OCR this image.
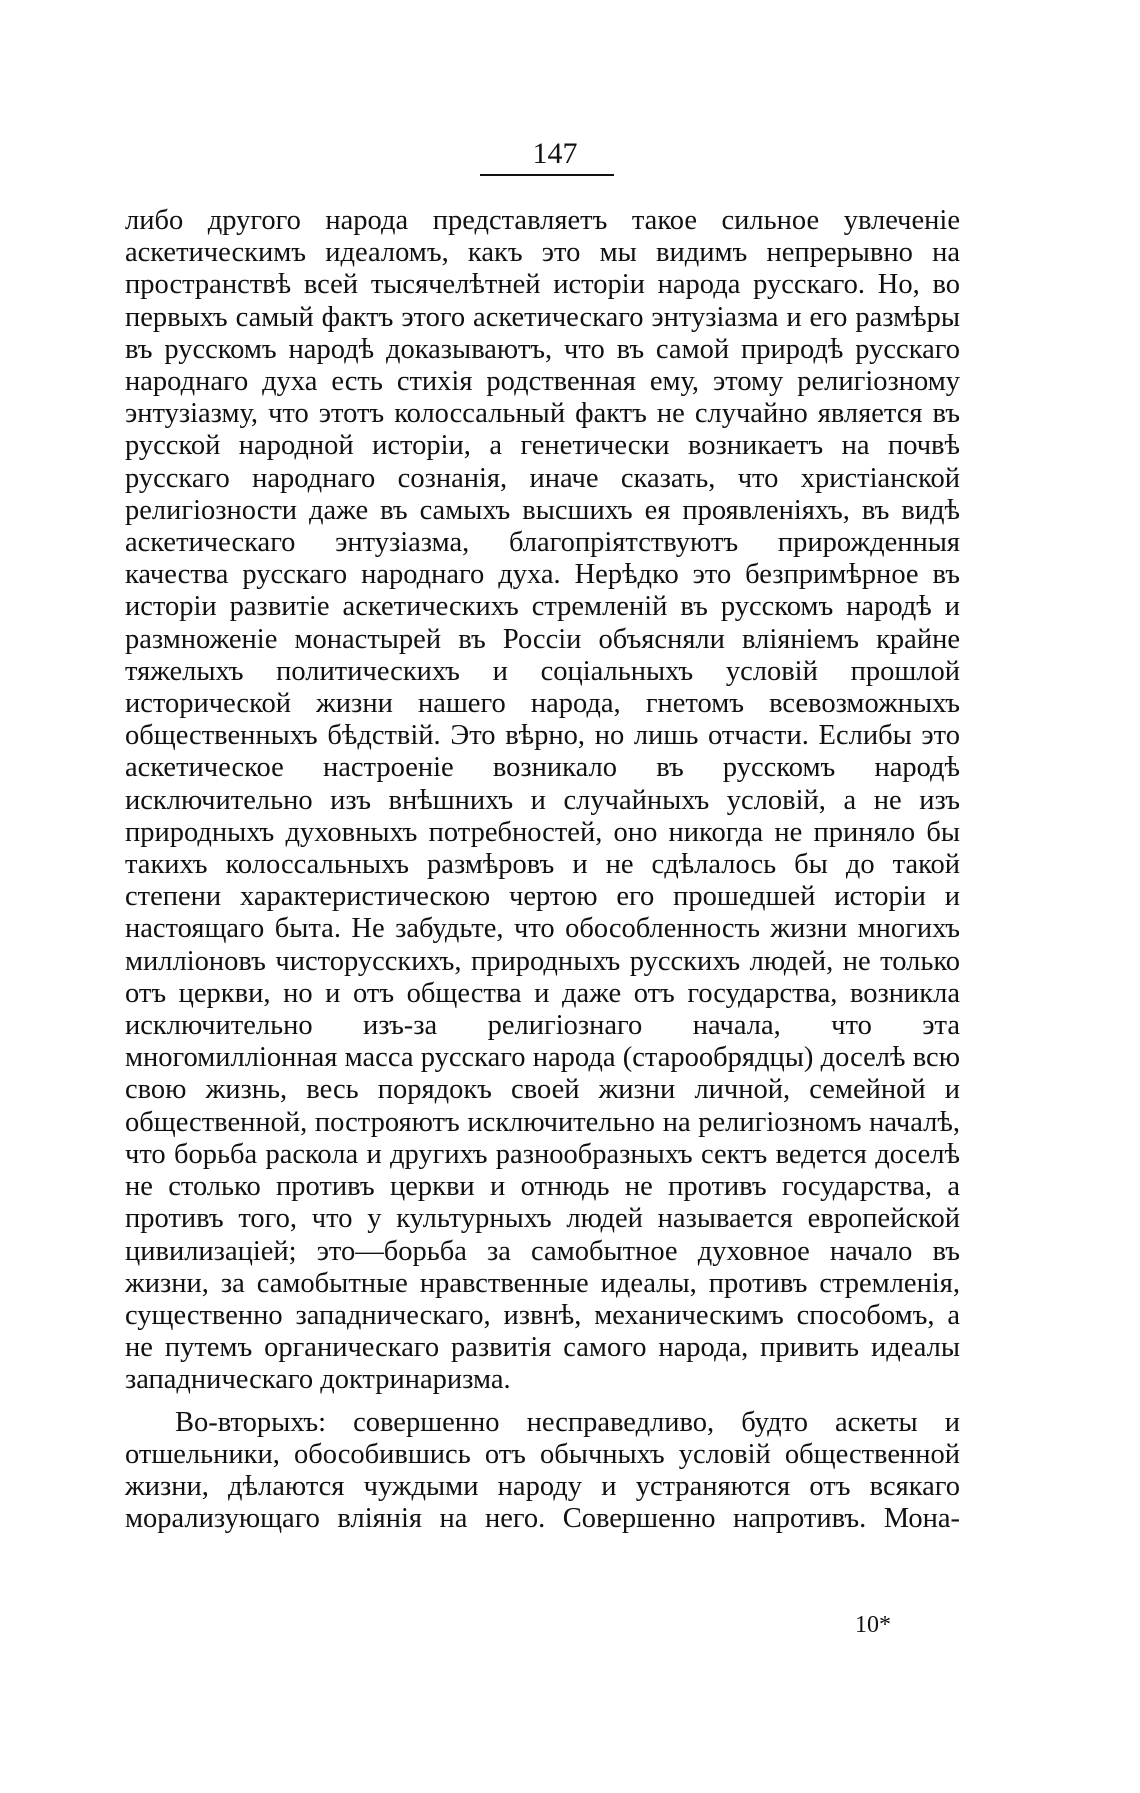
147

либо другого народа представляетъ такое сильное увлеченіе аскетическимъ идеаломъ, какъ это мы видимъ непрерывно на пространствѣ всей тысячелѣтней исторіи народа русскаго. Но, во первыхъ самый фактъ этого аскетическаго энтузіазма и его размѣры въ русскомъ народѣ доказываютъ, что въ самой природѣ русскаго народнаго духа есть стихія родственная ему, этому религіозному энтузіазму, что этотъ колоссальный фактъ не случайно является въ русской народной исторіи, а генетически возникаетъ на почвѣ русскаго народнаго сознанія, иначе сказать, что христіанской религіозности даже въ самыхъ высшихъ ея проявленіяхъ, въ видѣ аскетическаго энтузіазма, благопріятствуютъ прирожденныя качества русскаго народнаго духа. Нерѣдко это безпримѣрное въ исторіи развитіе аскетическихъ стремленій въ русскомъ народѣ и размноженіе монастырей въ Россіи объясняли вліяніемъ крайне тяжелыхъ политическихъ и соціальныхъ условій прошлой исторической жизни нашего народа, гнетомъ всевозможныхъ общественныхъ бѣдствій. Это вѣрно, но лишь отчасти. Еслибы это аскетическое настроеніе возникало въ русскомъ народѣ исключительно изъ внѣшнихъ и случайныхъ условій, а не изъ природныхъ духовныхъ потребностей, оно никогда не приняло бы такихъ колоссальныхъ размѣровъ и не сдѣлалось бы до такой степени характеристическою чертою его прошедшей исторіи и настоящаго быта. Не забудьте, что обособленность жизни многихъ милліоновъ чисторусскихъ, природныхъ русскихъ людей, не только отъ церкви, но и отъ общества и даже отъ государства, возникла исключительно изъ-за религіознаго начала, что эта многомилліонная масса русскаго народа (старообрядцы) доселѣ всю свою жизнь, весь порядокъ своей жизни личной, семейной и общественной, построяютъ исключительно на религіозномъ началѣ, что борьба раскола и другихъ разнообразныхъ сектъ ведется доселѣ не столько противъ церкви и отнюдь не противъ государства, а противъ того, что у культурныхъ людей называется европейской цивилизацiей; это—борьба за самобытное духовное начало въ жизни, за самобытные нравственные идеалы, противъ стремленія, существенно западническаго, извнѣ, механическимъ способомъ, а не путемъ органическаго развитія самого народа, привить идеалы западническаго доктринаризма.

Во-вторыхъ: совершенно несправедливо, будто аскеты и отшельники, обособившись отъ обычныхъ условій общественной жизни, дѣлаются чуждыми народу и устраняются отъ всякаго морализующаго вліянія на него. Совершенно напротивъ. Мона-

10*
